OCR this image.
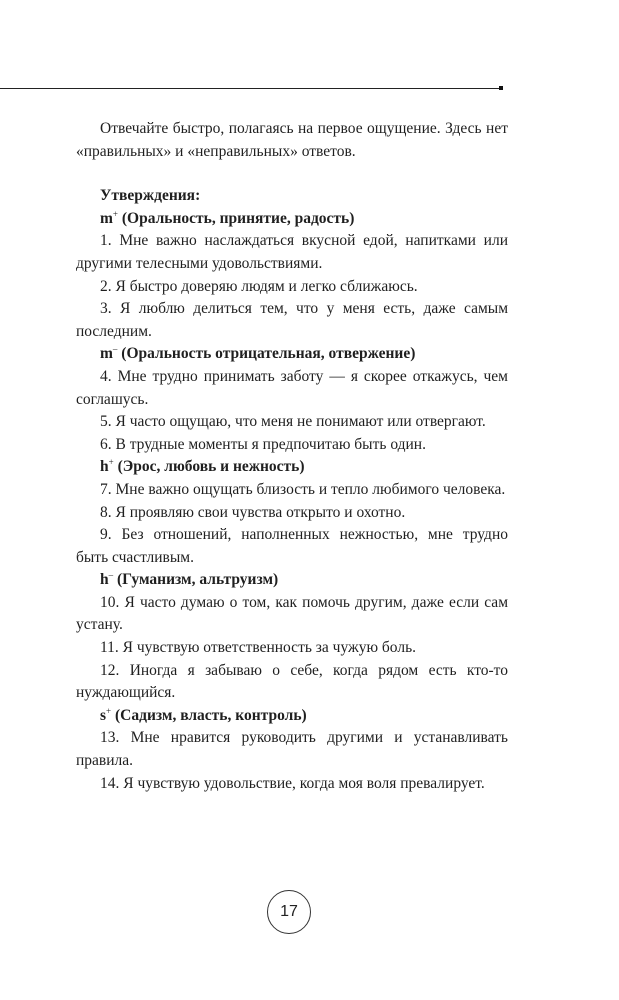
Отвечайте быстро, полагаясь на первое ощущение. Здесь нет «правильных» и «неправильных» ответов.

Утверждения:

m+ (Оральность, принятие, радость)

1. Мне важно наслаждаться вкусной едой, напитками или другими телесными удовольствиями.

2. Я быстро доверяю людям и легко сближаюсь.

3. Я люблю делиться тем, что у меня есть, даже самым последним.

m– (Оральность отрицательная, отвержение)

4. Мне трудно принимать заботу — я скорее откажусь, чем соглашусь.

5. Я часто ощущаю, что меня не понимают или отвергают.

6. В трудные моменты я предпочитаю быть один.

h+ (Эрос, любовь и нежность)

7. Мне важно ощущать близость и тепло любимого человека.

8. Я проявляю свои чувства открыто и охотно.

9. Без отношений, наполненных нежностью, мне трудно быть счастливым.

h– (Гуманизм, альтруизм)

10. Я часто думаю о том, как помочь другим, даже если сам устану.

11. Я чувствую ответственность за чужую боль.

12. Иногда я забываю о себе, когда рядом есть кто-то нуждающийся.

s+ (Садизм, власть, контроль)

13. Мне нравится руководить другими и устанавливать правила.

14. Я чувствую удовольствие, когда моя воля превалирует.

17
